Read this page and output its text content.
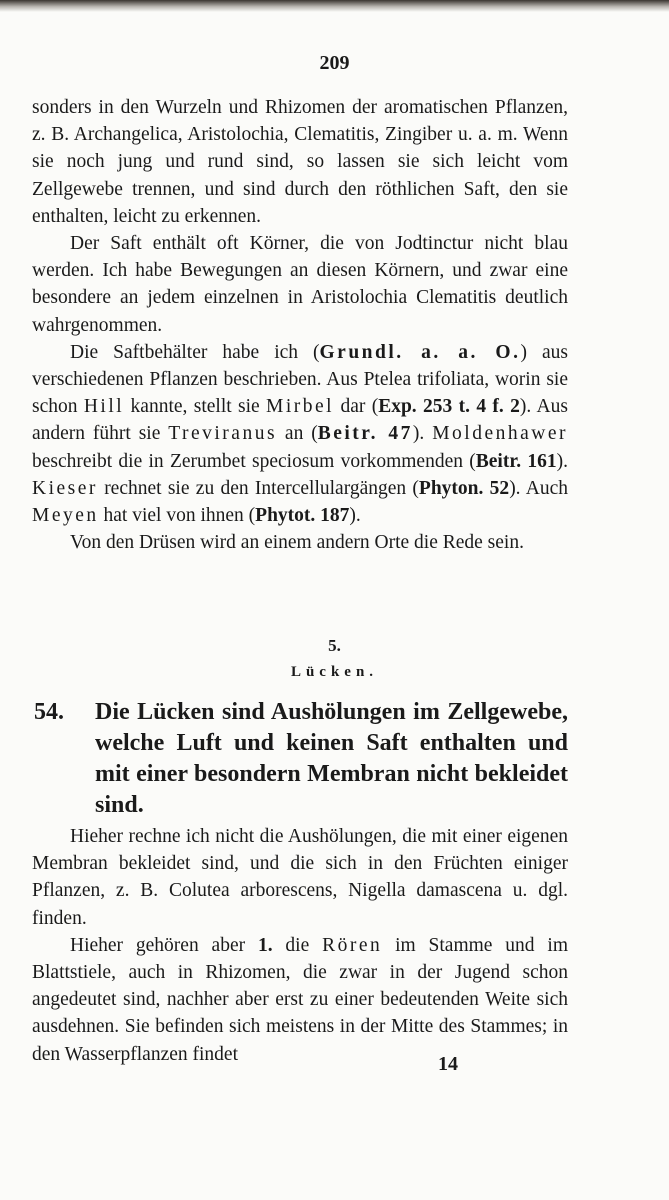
209

sonders in den Wurzeln und Rhizomen der aromatischen Pflanzen, z. B. Archangelica, Aristolochia, Clematitis, Zingiber u. a. m. Wenn sie noch jung und rund sind, so lassen sie sich leicht vom Zellgewebe trennen, und sind durch den röthlichen Saft, den sie enthalten, leicht zu erkennen.

Der Saft enthält oft Körner, die von Jodtinctur nicht blau werden. Ich habe Bewegungen an diesen Körnern, und zwar eine besondere an jedem einzelnen in Aristolochia Clematitis deutlich wahrgenommen.

Die Saftbehälter habe ich (Grundl. a. a. O.) aus verschiedenen Pflanzen beschrieben. Aus Ptelea trifoliata, worin sie schon Hill kannte, stellt sie Mirbel dar (Exp. 253 t. 4 f. 2). Aus andern führt sie Treviranus an (Beitr. 47). Moldenhawer beschreibt die in Zerumbet speciosum vorkommenden (Beitr. 161). Kieser rechnet sie zu den Intercellulargängen (Phyton. 52). Auch Meyen hat viel von ihnen (Phytot. 187).

Von den Drüsen wird an einem andern Orte die Rede sein.

5.
Lücken.
54. Die Lücken sind Aushölungen im Zellgewebe, welche Luft und keinen Saft enthalten und mit einer besondern Membran nicht bekleidet sind.

Hieher rechne ich nicht die Aushölungen, die mit einer eigenen Membran bekleidet sind, und die sich in den Früchten einiger Pflanzen, z. B. Colutea arborescens, Nigella damascena u. dgl. finden.

Hieher gehören aber 1. die Rören im Stamme und im Blattstiele, auch in Rhizomen, die zwar in der Jugend schon angedeutet sind, nachher aber erst zu einer bedeutenden Weite sich ausdehnen. Sie befinden sich meistens in der Mitte des Stammes; in den Wasserpflanzen findet	14
